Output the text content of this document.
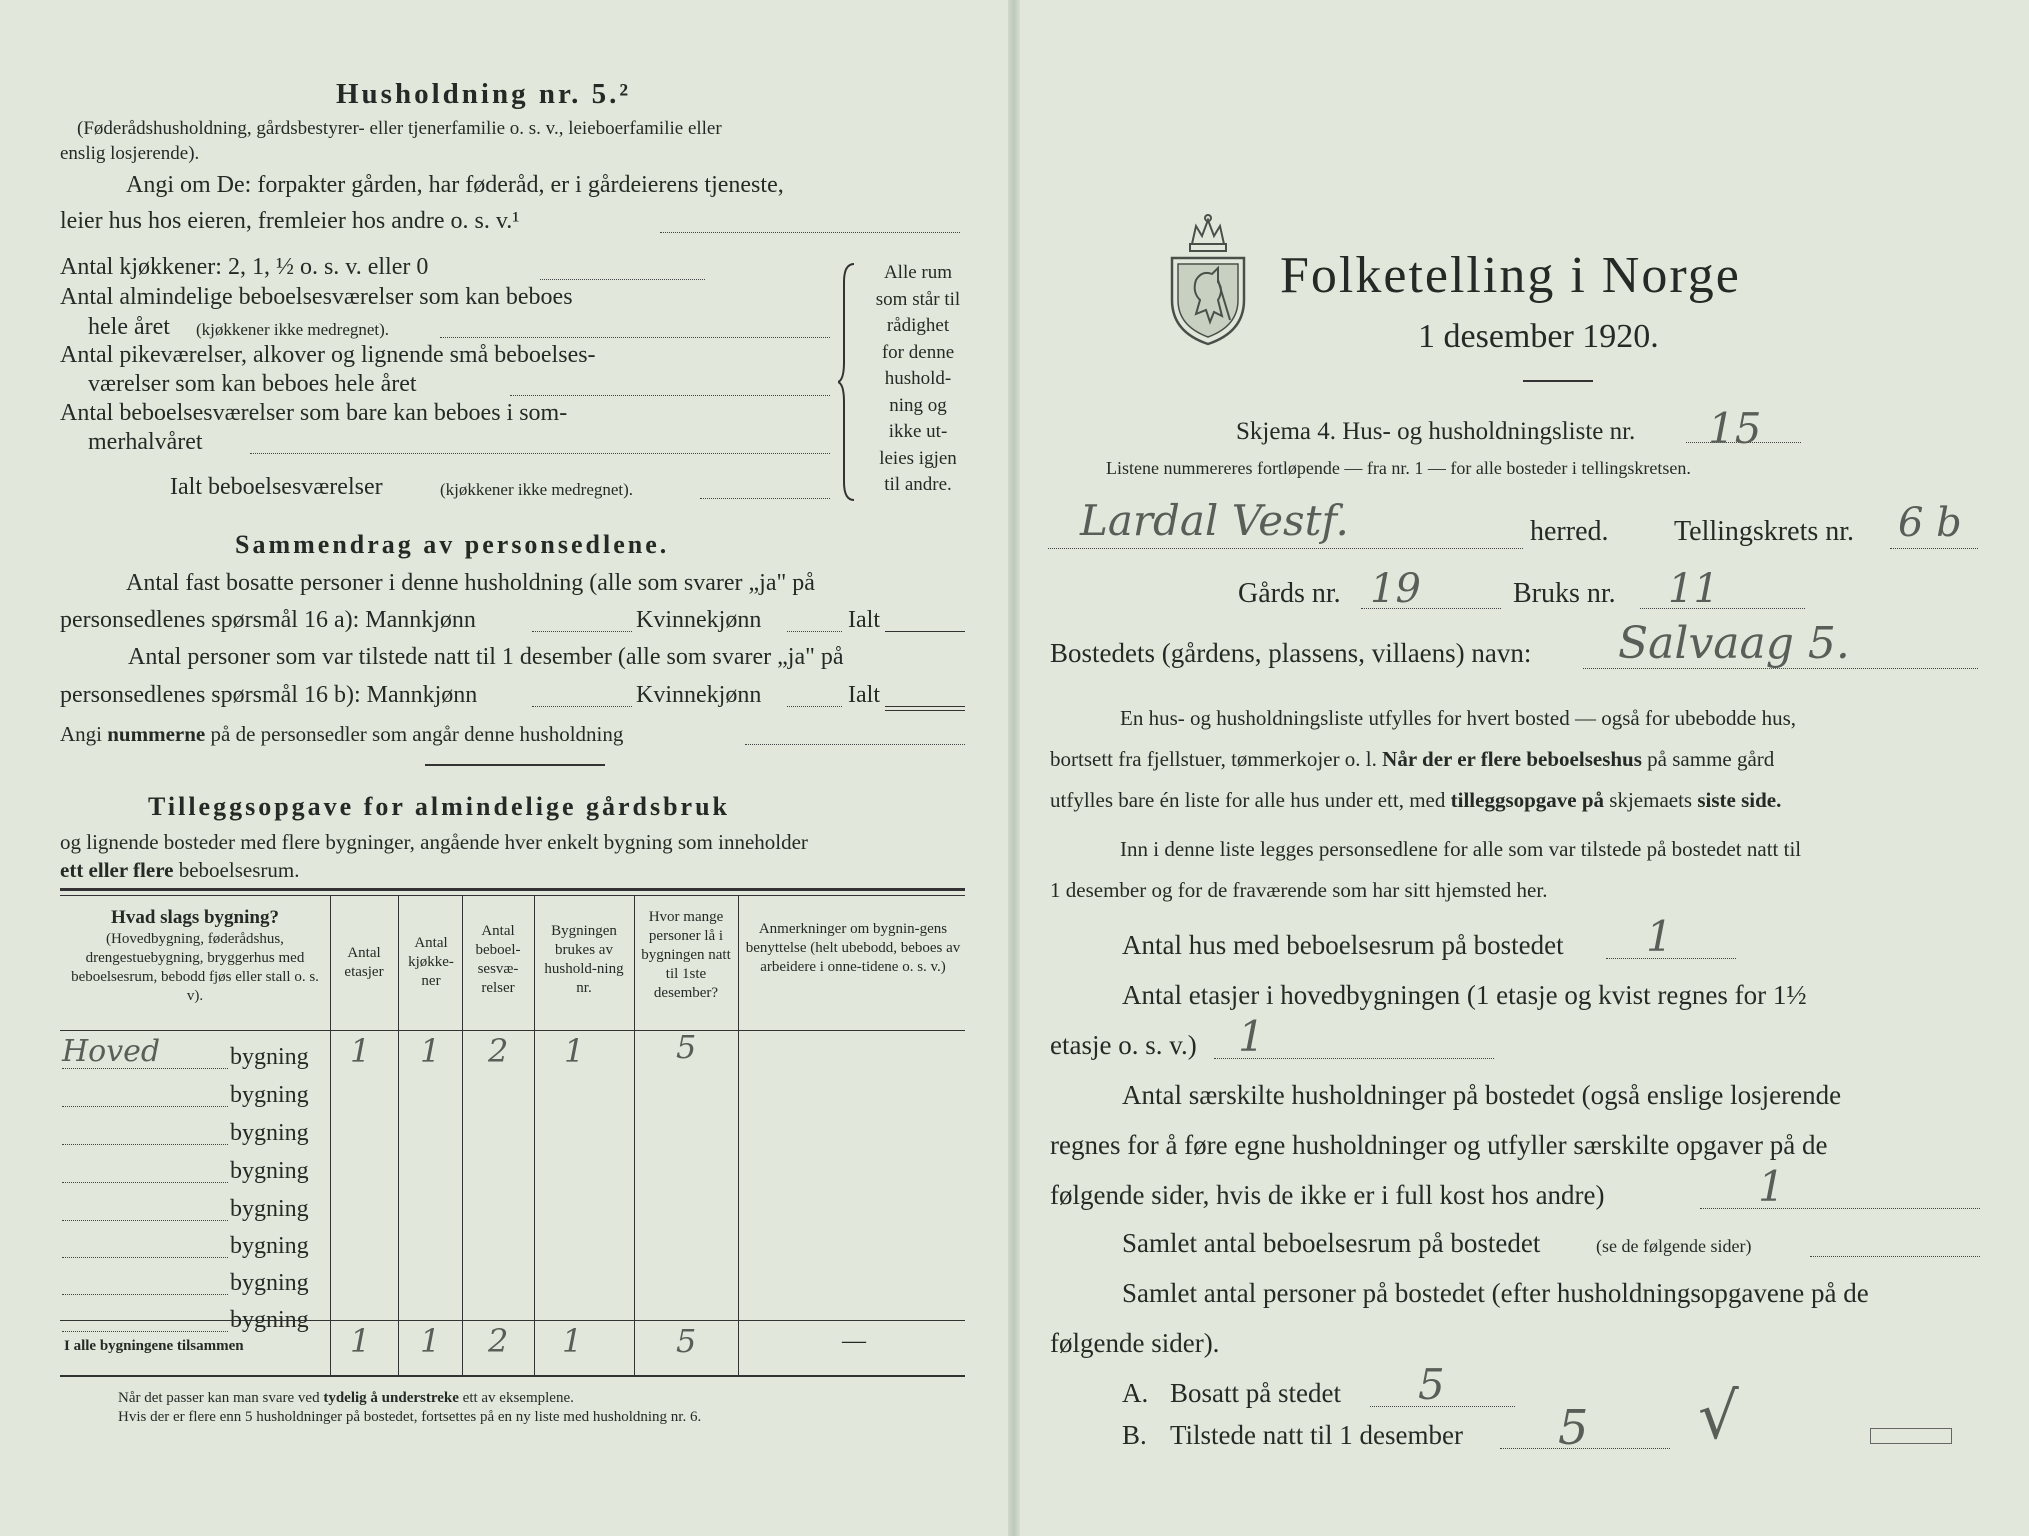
Husholdning nr. 5.²
(Føderådshusholdning, gårdsbestyrer- eller tjenerfamilie o. s. v., leieboerfamilie eller
enslig losjerende).
Angi om De: forpakter gården, har føderåd, er i gårdeierens tjeneste,
leier hus hos eieren, fremleier hos andre o. s. v.¹
Antal kjøkkener: 2, 1, ½ o. s. v. eller 0
Antal almindelige beboelsesværelser som kan beboes
hele året (kjøkkener ikke medregnet).
Antal pikeværelser, alkover og lignende små beboelses-
værelser som kan beboes hele året
Antal beboelsesværelser som bare kan beboes i som-
merhalvåret
Ialt beboelsesværelser	(kjøkkener ikke medregnet).
Alle rum
som står til
rådighet
for denne
hushold-
ning og
ikke ut-
leies igjen
til andre.
Sammendrag av personsedlene.
Antal fast bosatte personer i denne husholdning (alle som svarer „ja" på
personsedlenes spørsmål 16 a): Mannkjønn	Kvinnekjønn	Ialt
Antal personer som var tilstede natt til 1 desember (alle som svarer „ja" på
personsedlenes spørsmål 16 b): Mannkjønn	Kvinnekjønn	Ialt
Angi nummerne på de personsedler som angår denne husholdning
Tilleggsopgave for almindelige gårdsbruk
og lignende bosteder med flere bygninger, angående hver enkelt bygning som inneholder
ett eller flere beboelsesrum.
Hvad slags bygning?
(Hovedbygning, føderådshus, drengestuebygning, bryggerhus med beboelsesrum, bebodd fjøs eller stall o. s. v).
Antal etasjer
Antal kjøkke-ner
Antal beboel-sesvæ-relser
Bygningen brukes av hushold-ning nr.
Hvor mange personer lå i bygningen natt til 1ste desember?
Anmerkninger om bygnin-gens benyttelse (helt ubebodd, beboes av arbeidere i onne-tidene o. s. v.)
Hoved	bygning 1 1 2 1	5
bygning
bygning
bygning
bygning
bygning
bygning
bygning
I alle bygningene tilsammen	1 1 2 1	5	—
Når det passer kan man svare ved tydelig å understreke ett av eksemplene.
Hvis der er flere enn 5 husholdninger på bostedet, fortsettes på en ny liste med husholdning nr. 6.
Folketelling i Norge
1 desember 1920.
Skjema 4. Hus- og husholdningsliste nr. 15
Listene nummereres fortløpende — fra nr. 1 — for alle bosteder i tellingskretsen.
Lardal Vestf.	herred. Tellingskrets nr. 6 b
Gårds nr. 19	Bruks nr. 11
Bostedets (gårdens, plassens, villaens) navn: Salvaag 5.
En hus- og husholdningsliste utfylles for hvert bosted — også for ubebodde hus,
bortsett fra fjellstuer, tømmerkojer o. l. Når der er flere beboelseshus på samme gård
utfylles bare én liste for alle hus under ett, med tilleggsopgave på skjemaets siste side.
Inn i denne liste legges personsedlene for alle som var tilstede på bostedet natt til
1 desember og for de fraværende som har sitt hjemsted her.
Antal hus med beboelsesrum på bostedet 1
Antal etasjer i hovedbygningen (1 etasje og kvist regnes for 1½
etasje o. s. v.) 1
Antal særskilte husholdninger på bostedet (også enslige losjerende
regnes for å føre egne husholdninger og utfyller særskilte opgaver på de
følgende sider, hvis de ikke er i full kost hos andre)	1
Samlet antal beboelsesrum på bostedet	(se de følgende sider)
Samlet antal personer på bostedet (efter husholdningsopgavene på de
følgende sider).
A. Bosatt på stedet 5
B. Tilstede natt til 1 desember 5 √
